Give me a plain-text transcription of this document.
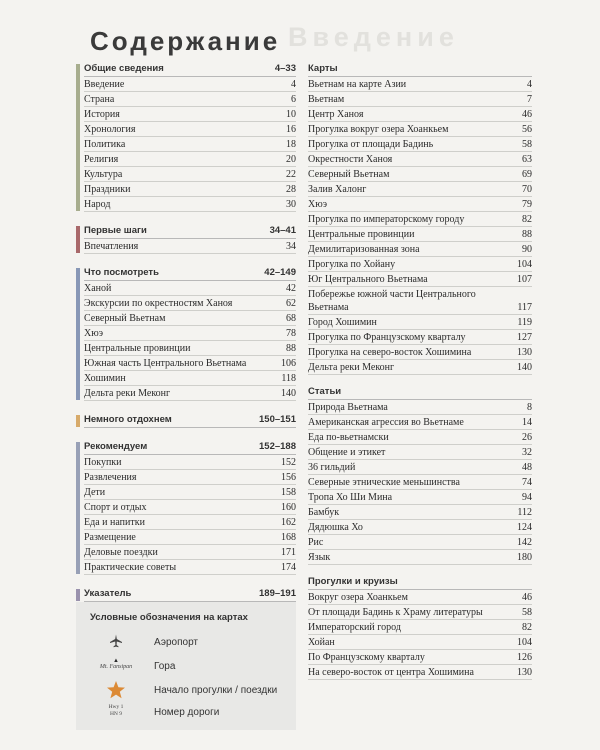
Введение
Содержание
Общие сведения	4–33
Введение	4
Страна	6
История	10
Хронология	16
Политика	18
Религия	20
Культура	22
Праздники	28
Народ	30
Первые шаги	34–41
Впечатления	34
Что посмотреть	42–149
Ханой	42
Экскурсии по окрестностям Ханоя	62
Северный Вьетнам	68
Хюэ	78
Центральные провинции	88
Южная часть Центрального Вьетнама	106
Хошимин	118
Дельта реки Меконг	140
Немного отдохнем	150–151
Рекомендуем	152–188
Покупки	152
Развлечения	156
Дети	158
Спорт и отдых	160
Еда и напитки	162
Размещение	168
Деловые поездки	171
Практические советы	174
Указатель	189–191
Условные обозначения на картах
Аэропорт
▲
Mt. Fansipan	Гора
Начало прогулки / поездки
Hwy 1
HN 9	Номер дороги
Карты
Вьетнам на карте Азии	4
Вьетнам	7
Центр Ханоя	46
Прогулка вокруг озера Хоанкьем	56
Прогулка от площади Бадинь	58
Окрестности Ханоя	63
Северный Вьетнам	69
Залив Халонг	70
Хюэ	79
Прогулка по императорскому городу	82
Центральные провинции	88
Демилитаризованная зона	90
Прогулка по Хойану	104
Юг Центрального Вьетнама	107
Побережье южной части Центрального Вьетнама	117
Город Хошимин	119
Прогулка по Французскому кварталу	127
Прогулка на северо-восток Хошимина	130
Дельта реки Меконг	140
Статьи
Природа Вьетнама	8
Американская агрессия во Вьетнаме	14
Еда по-вьетнамски	26
Общение и этикет	32
36 гильдий	48
Северные этнические меньшинства	74
Тропа Хо Ши Мина	94
Бамбук	112
Дядюшка Хо	124
Рис	142
Язык	180
Прогулки и круизы
Вокруг озера Хоанкьем	46
От площади Бадинь к Храму литературы	58
Императорский город	82
Хойан	104
По Французскому кварталу	126
На северо-восток от центра Хошимина	130
